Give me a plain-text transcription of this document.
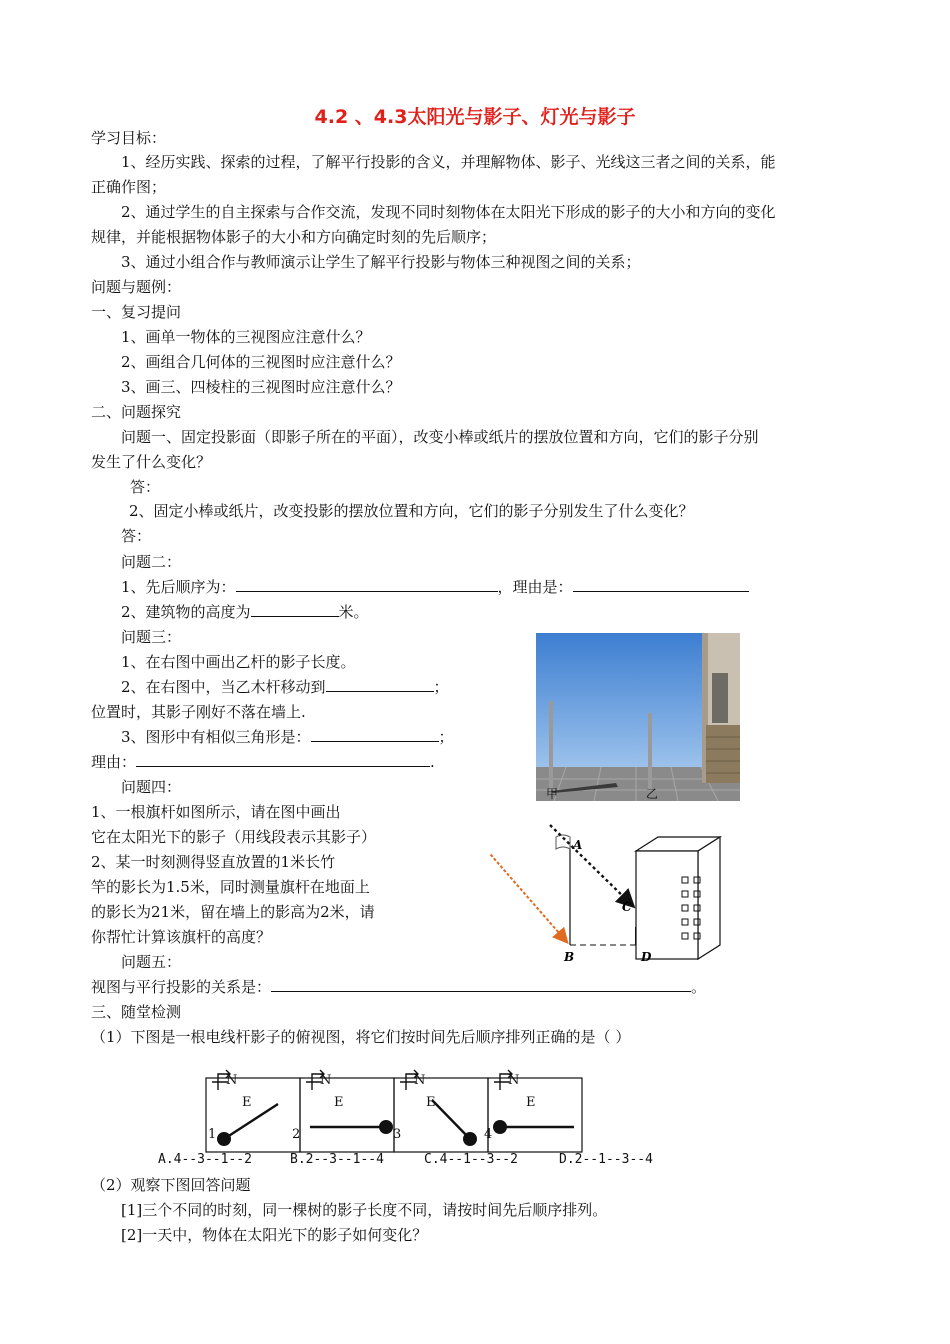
4.2 、4.3太阳光与影子、灯光与影子
学习目标：
1、经历实践、探索的过程，了解平行投影的含义，并理解物体、影子、光线这三者之间的关系，能
正确作图；
2、通过学生的自主探索与合作交流，发现不同时刻物体在太阳光下形成的影子的大小和方向的变化
规律，并能根据物体影子的大小和方向确定时刻的先后顺序；
3、通过小组合作与教师演示让学生了解平行投影与物体三种视图之间的关系；
问题与题例：
一、复习提问
1、画单一物体的三视图应注意什么？
2、画组合几何体的三视图时应注意什么？
3、画三、四棱柱的三视图时应注意什么？
二、问题探究
问题一、固定投影面（即影子所在的平面），改变小棒或纸片的摆放位置和方向，它们的影子分别
发生了什么变化？
答：
2、固定小棒或纸片，改变投影的摆放位置和方向，它们的影子分别发生了什么变化？
答：
问题二：
1、先后顺序为：	，理由是：
2、建筑物的高度为	米。
问题三：
1、在右图中画出乙杆的影子长度。
2、在右图中，当乙木杆移动到	；
位置时，其影子刚好不落在墙上.
3、图形中有相似三角形是：	；
理由：	.
甲	乙
问题四：
1、一根旗杆如图所示，请在图中画出
它在太阳光下的影子（用线段表示其影子）
2、某一时刻测得竖直放置的1米长竹
竿的影长为1.5米，同时测量旗杆在地面上
的影长为21米，留在墙上的影高为2米，请
你帮忙计算该旗杆的高度？
A
B
C
D
问题五：
视图与平行投影的关系是：	。
三、随堂检测
（1）下图是一根电线杆影子的俯视图，将它们按时间先后顺序排列正确的是（ ）
N	N	N	N
E	E	E	E
1	2	3	4
A.4--3--1--2	B.2--3--1--4	C.4--1--3--2	D.2--1--3--4
（2）观察下图回答问题
[1]三个不同的时刻，同一棵树的影子长度不同，请按时间先后顺序排列。
[2]一天中，物体在太阳光下的影子如何变化？
